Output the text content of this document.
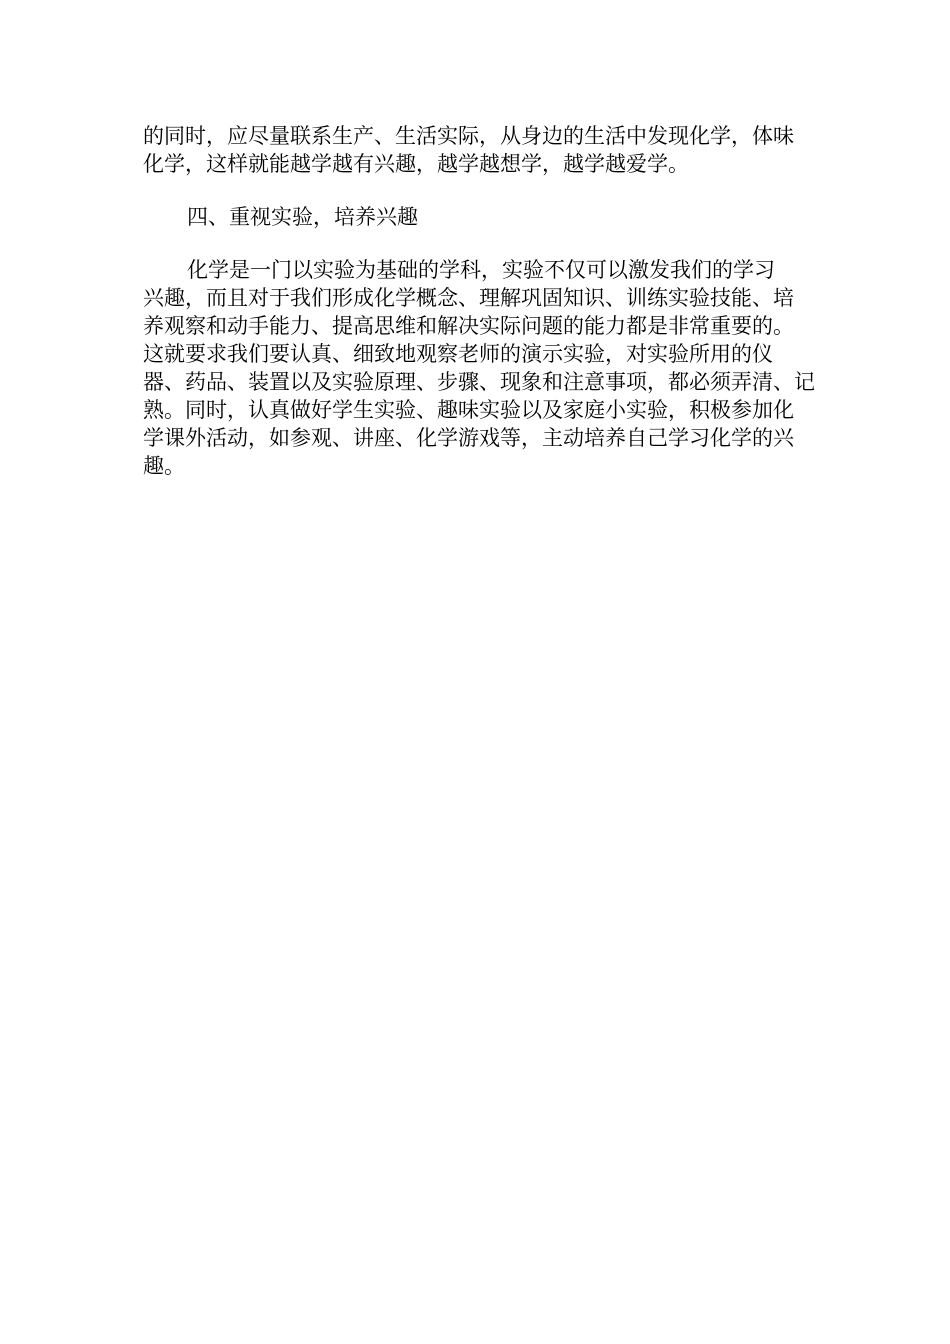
的同时，应尽量联系生产、生活实际，从身边的生活中发现化学，体味
化学，这样就能越学越有兴趣，越学越想学，越学越爱学。

四、重视实验，培养兴趣

化学是一门以实验为基础的学科，实验不仅可以激发我们的学习
兴趣，而且对于我们形成化学概念、理解巩固知识、训练实验技能、培
养观察和动手能力、提高思维和解决实际问题的能力都是非常重要的。
这就要求我们要认真、细致地观察老师的演示实验，对实验所用的仪
器、药品、装置以及实验原理、步骤、现象和注意事项，都必须弄清、记
熟。同时，认真做好学生实验、趣味实验以及家庭小实验，积极参加化
学课外活动，如参观、讲座、化学游戏等，主动培养自己学习化学的兴
趣。
